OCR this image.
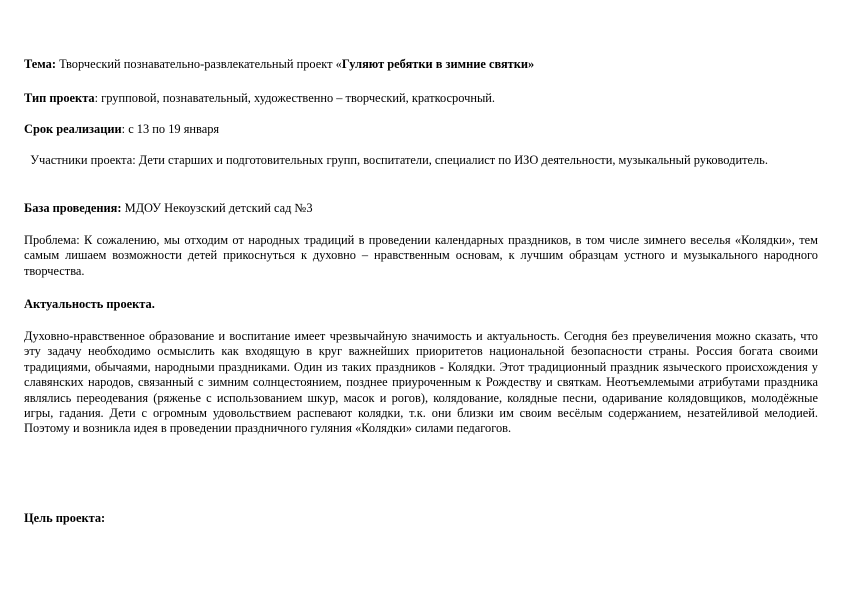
Тема: Творческий познавательно-развлекательный проект «Гуляют ребятки в зимние святки»

Тип проекта: групповой, познавательный, художественно – творческий, краткосрочный.

Срок реализации: с 13 по 19 января

Участники проекта: Дети старших и подготовительных групп, воспитатели, специалист по ИЗО деятельности, музыкальный руководитель.

База проведения: МДОУ Некоузский детский сад №3

Проблема: К сожалению, мы отходим от народных традиций в проведении календарных праздников, в том числе зимнего веселья «Колядки», тем самым лишаем возможности детей прикоснуться к духовно – нравственным основам, к лучшим образцам устного и музыкального народного творчества.

Актуальность проекта.

Духовно-нравственное образование и воспитание имеет чрезвычайную значимость и актуальность. Сегодня без преувеличения можно сказать, что эту задачу необходимо осмыслить как входящую в круг важнейших приоритетов национальной безопасности страны. Россия богата своими традициями, обычаями, народными праздниками. Один из таких праздников - Колядки. Этот традиционный праздник языческого происхождения у славянских народов, связанный с зимним солнцестоянием, позднее приуроченным к Рождеству и святкам. Неотъемлемыми атрибутами праздника являлись переодевания (ряженье с использованием шкур, масок и рогов), колядование, колядные песни, одаривание колядовщиков, молодёжные игры, гадания. Дети с огромным удовольствием распевают колядки, т.к. они близки им своим весёлым содержанием, незатейливой мелодией. Поэтому и возникла идея в проведении праздничного гуляния «Колядки» силами педагогов.

Цель проекта:
